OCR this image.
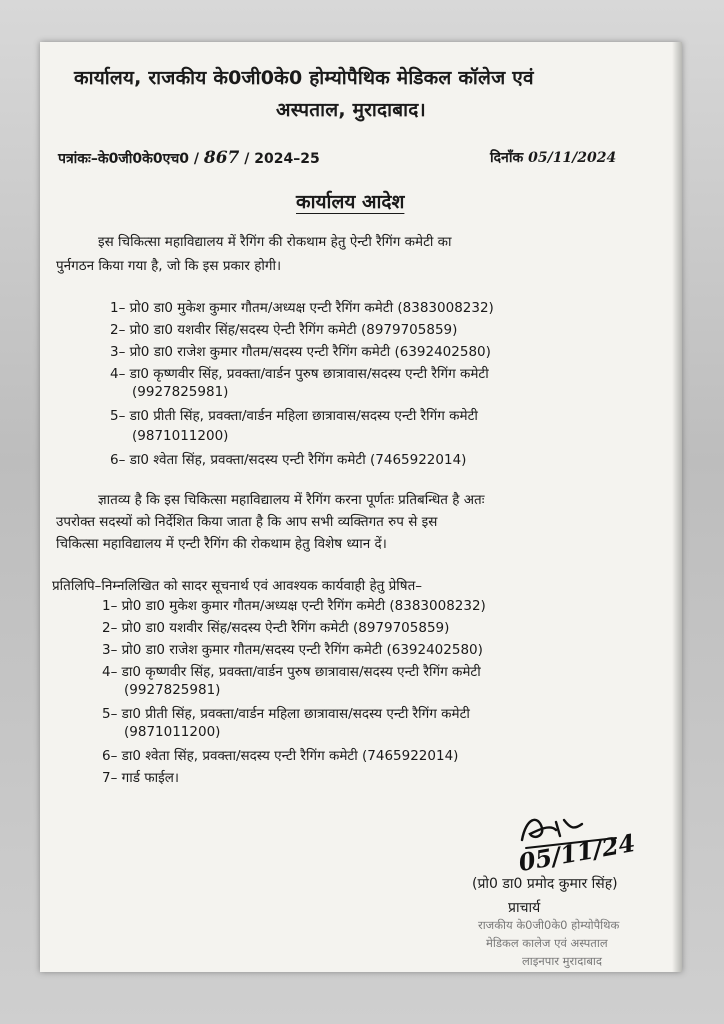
कार्यालय, राजकीय के0जी0के0 होम्योपैथिक मेडिकल कॉलेज एवं
अस्पताल, मुरादाबाद।
पत्रांकः–के0जी0के0एच0 / 867 / 2024–25	दिनाँक 05/11/2024
कार्यालय आदेश
इस चिकित्सा महाविद्यालय में रैगिंग की रोकथाम हेतु ऐन्टी रैगिंग कमेटी का
पुर्नगठन किया गया है, जो कि इस प्रकार होगी।
1– प्रो0 डा0 मुकेश कुमार गौतम/अध्यक्ष एन्टी रैगिंग कमेटी (8383008232)
2– प्रो0 डा0 यशवीर सिंह/सदस्य ऐन्टी रैगिंग कमेटी (8979705859)
3– प्रो0 डा0 राजेश कुमार गौतम/सदस्य एन्टी रैगिंग कमेटी (6392402580)
4– डा0 कृष्णवीर सिंह, प्रवक्ता/वार्डन पुरुष छात्रावास/सदस्य एन्टी रैगिंग कमेटी
(9927825981)
5– डा0 प्रीती सिंह, प्रवक्ता/वार्डन महिला छात्रावास/सदस्य एन्टी रैगिंग कमेटी
(9871011200)
6– डा0 श्वेता सिंह, प्रवक्ता/सदस्य एन्टी रैगिंग कमेटी (7465922014)
ज्ञातव्य है कि इस चिकित्सा महाविद्यालय में रैगिंग करना पूर्णतः प्रतिबन्धित है अतः
उपरोक्त सदस्यों को निर्देशित किया जाता है कि आप सभी व्यक्तिगत रुप से इस
चिकित्सा महाविद्यालय में एन्टी रैगिंग की रोकथाम हेतु विशेष ध्यान दें।
प्रतिलिपि–निम्नलिखित को सादर सूचनार्थ एवं आवश्यक कार्यवाही हेतु प्रेषित–
1– प्रो0 डा0 मुकेश कुमार गौतम/अध्यक्ष एन्टी रैगिंग कमेटी (8383008232)
2– प्रो0 डा0 यशवीर सिंह/सदस्य ऐन्टी रैगिंग कमेटी (8979705859)
3– प्रो0 डा0 राजेश कुमार गौतम/सदस्य एन्टी रैगिंग कमेटी (6392402580)
4– डा0 कृष्णवीर सिंह, प्रवक्ता/वार्डन पुरुष छात्रावास/सदस्य एन्टी रैगिंग कमेटी
(9927825981)
5– डा0 प्रीती सिंह, प्रवक्ता/वार्डन महिला छात्रावास/सदस्य एन्टी रैगिंग कमेटी
(9871011200)
6– डा0 श्वेता सिंह, प्रवक्ता/सदस्य एन्टी रैगिंग कमेटी (7465922014)
7– गार्ड फाईल।
05/11/24
(प्रो0 डा0 प्रमोद कुमार सिंह)
प्राचार्य
राजकीय के0जी0के0 होम्योपैथिक
मेडिकल कालेज एवं अस्पताल
लाइनपार मुरादाबाद
